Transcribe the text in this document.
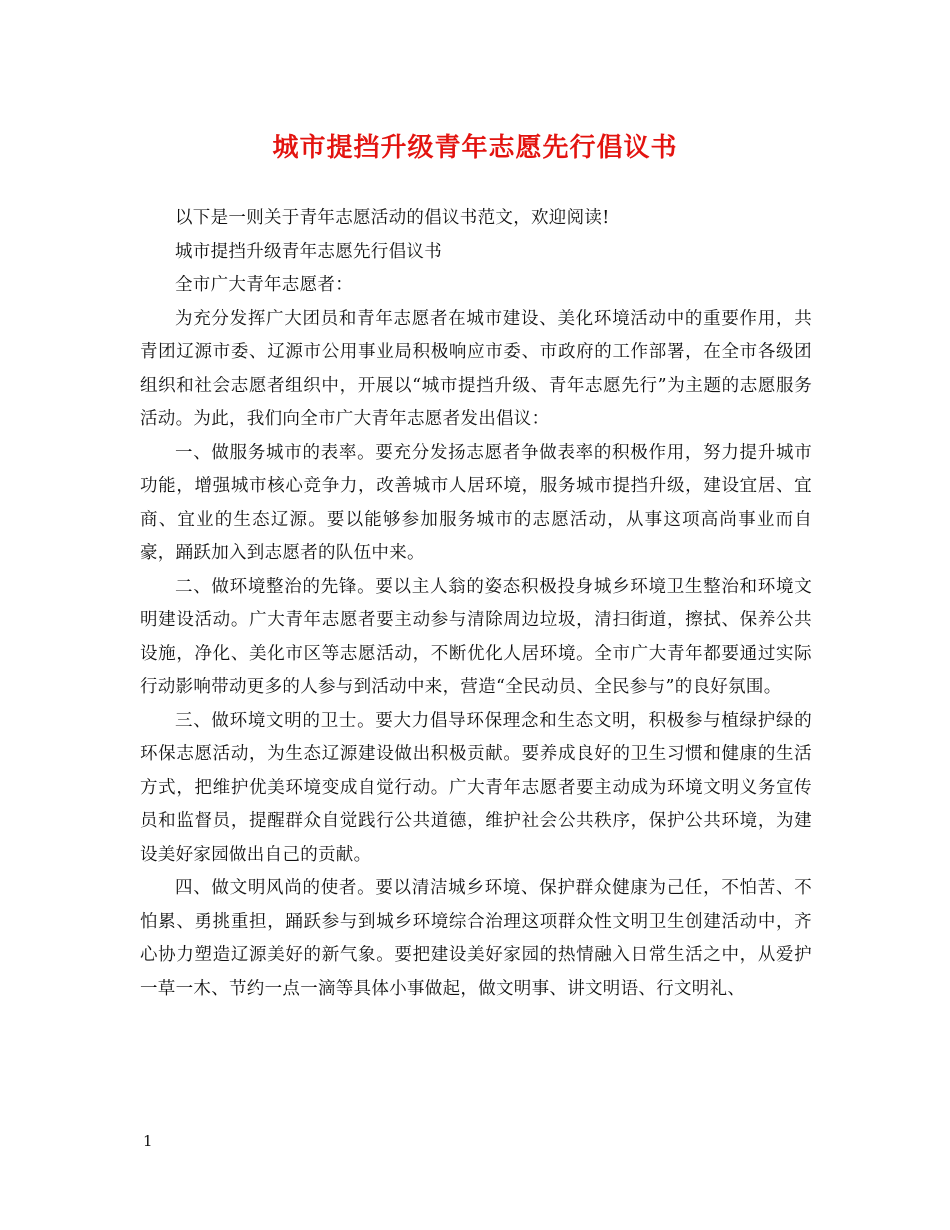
城市提挡升级青年志愿先行倡议书

以下是一则关于青年志愿活动的倡议书范文，欢迎阅读!

城市提挡升级青年志愿先行倡议书

全市广大青年志愿者：

为充分发挥广大团员和青年志愿者在城市建设、美化环境活动中的重要作用，共青团辽源市委、辽源市公用事业局积极响应市委、市政府的工作部署，在全市各级团组织和社会志愿者组织中，开展以“城市提挡升级、青年志愿先行”为主题的志愿服务活动。为此，我们向全市广大青年志愿者发出倡议：

一、做服务城市的表率。要充分发扬志愿者争做表率的积极作用，努力提升城市功能，增强城市核心竞争力，改善城市人居环境，服务城市提挡升级，建设宜居、宜商、宜业的生态辽源。要以能够参加服务城市的志愿活动，从事这项高尚事业而自豪，踊跃加入到志愿者的队伍中来。

二、做环境整治的先锋。要以主人翁的姿态积极投身城乡环境卫生整治和环境文明建设活动。广大青年志愿者要主动参与清除周边垃圾，清扫街道，擦拭、保养公共设施，净化、美化市区等志愿活动，不断优化人居环境。全市广大青年都要通过实际行动影响带动更多的人参与到活动中来，营造“全民动员、全民参与”的良好氛围。

三、做环境文明的卫士。要大力倡导环保理念和生态文明，积极参与植绿护绿的环保志愿活动，为生态辽源建设做出积极贡献。要养成良好的卫生习惯和健康的生活方式，把维护优美环境变成自觉行动。广大青年志愿者要主动成为环境文明义务宣传员和监督员，提醒群众自觉践行公共道德，维护社会公共秩序，保护公共环境，为建设美好家园做出自己的贡献。

四、做文明风尚的使者。要以清洁城乡环境、保护群众健康为己任，不怕苦、不怕累、勇挑重担，踊跃参与到城乡环境综合治理这项群众性文明卫生创建活动中，齐心协力塑造辽源美好的新气象。要把建设美好家园的热情融入日常生活之中，从爱护一草一木、节约一点一滴等具体小事做起，做文明事、讲文明语、行文明礼、

1
